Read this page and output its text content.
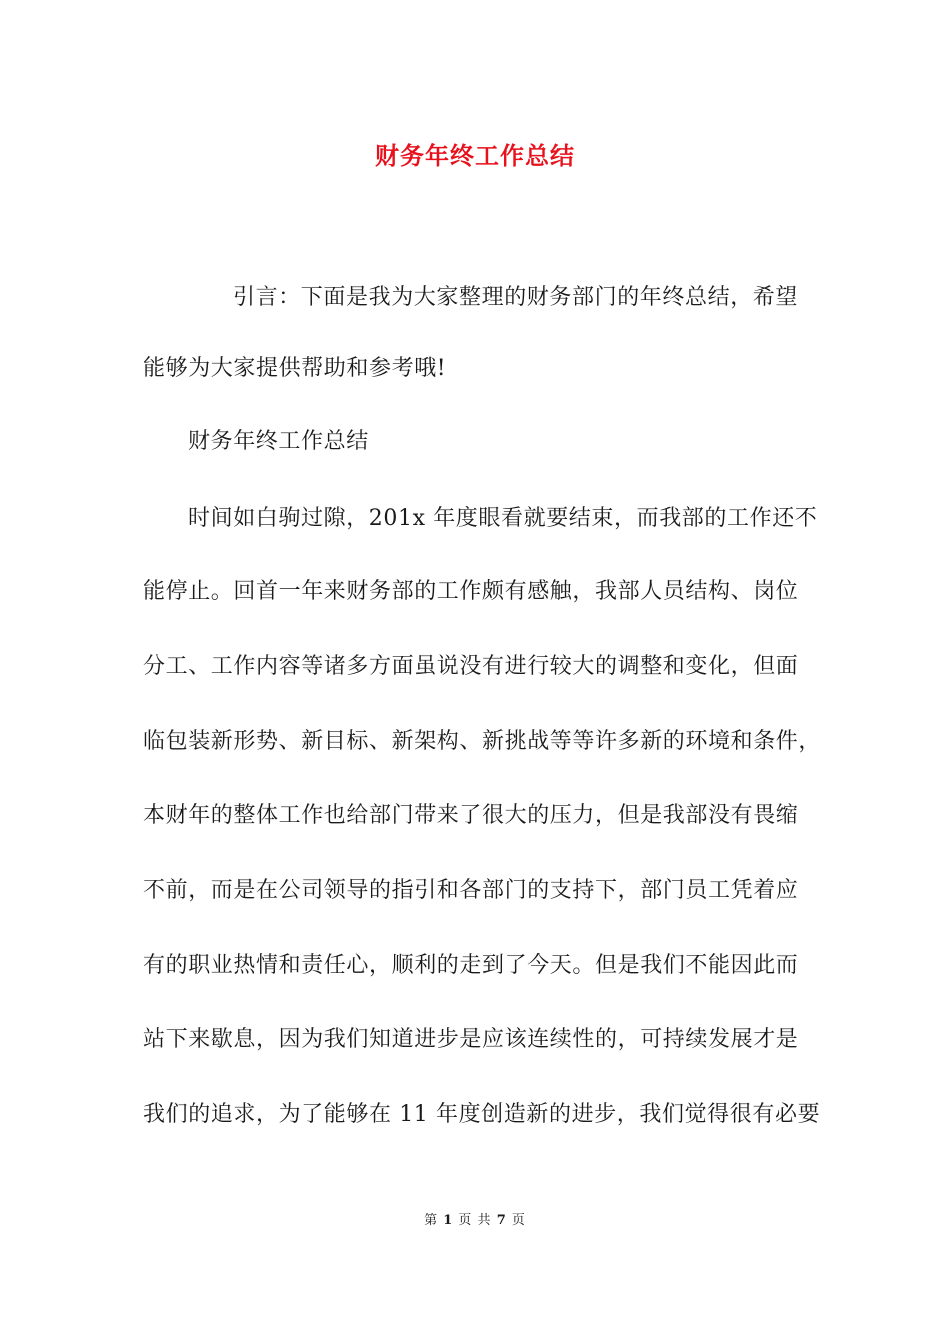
财务年终工作总结
引言：下面是我为大家整理的财务部门的年终总结，希望
能够为大家提供帮助和参考哦!
财务年终工作总结
时间如白驹过隙，201x 年度眼看就要结束，而我部的工作还不
能停止。回首一年来财务部的工作颇有感触，我部人员结构、岗位
分工、工作内容等诸多方面虽说没有进行较大的调整和变化，但面
临包装新形势、新目标、新架构、新挑战等等许多新的环境和条件，
本财年的整体工作也给部门带来了很大的压力，但是我部没有畏缩
不前，而是在公司领导的指引和各部门的支持下，部门员工凭着应
有的职业热情和责任心，顺利的走到了今天。但是我们不能因此而
站下来歇息，因为我们知道进步是应该连续性的，可持续发展才是
我们的追求，为了能够在 11 年度创造新的进步，我们觉得很有必要
第 1 页 共 7 页
